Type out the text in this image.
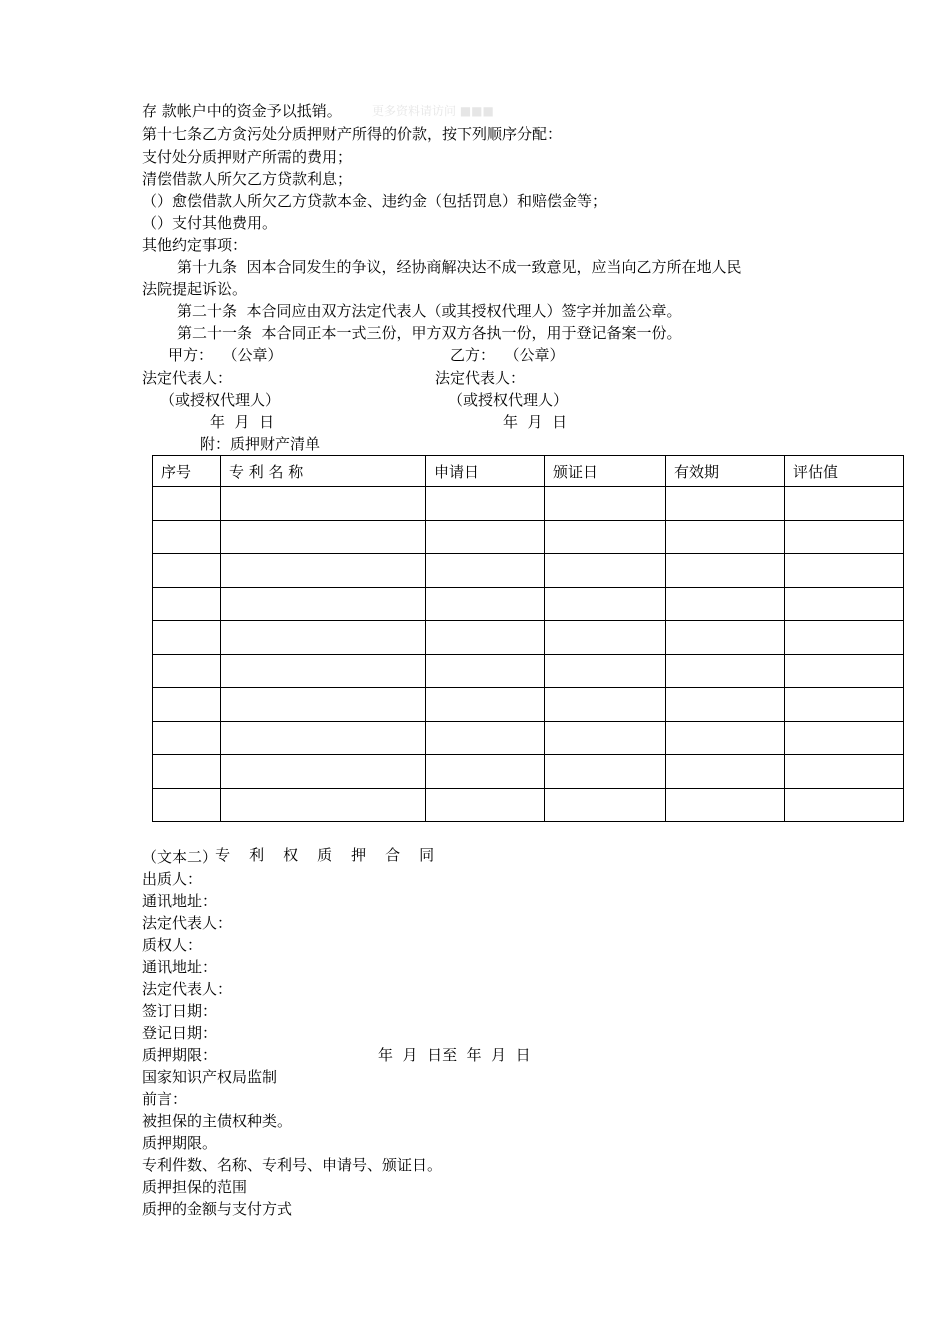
存 款帐户中的资金予以抵销。	更多资料请访问 ■■■
第十七条乙方贪污处分质押财产所得的价款，按下列顺序分配：
支付处分质押财产所需的费用；
清偿借款人所欠乙方贷款利息；
（）愈偿借款人所欠乙方贷款本金、违约金（包括罚息）和赔偿金等；
（）支付其他费用。
其他约定事项：
第十九条  因本合同发生的争议，经协商解决达不成一致意见，应当向乙方所在地人民
法院提起诉讼。
第二十条  本合同应由双方法定代表人（或其授权代理人）签字并加盖公章。
第二十一条  本合同正本一式三份，甲方双方各执一份，用于登记备案一份。
甲方：  （公章）	乙方：  （公章）
法定代表人：	法定代表人：
（或授权代理人）	（或授权代理人）
年  月  日	年  月  日
附：质押财产清单
序号	专 利 名 称	申请日	颁证日	有效期	评估值

专 利 权 质 押 合 同

（文本二）
出质人：
通讯地址：
法定代表人：
质权人：
通讯地址：
法定代表人：
签订日期：
登记日期：
质押期限：	年  月  日至  年  月  日
国家知识产权局监制
前言：
被担保的主债权种类。
质押期限。
专利件数、名称、专利号、申请号、颁证日。
质押担保的范围
质押的金额与支付方式
